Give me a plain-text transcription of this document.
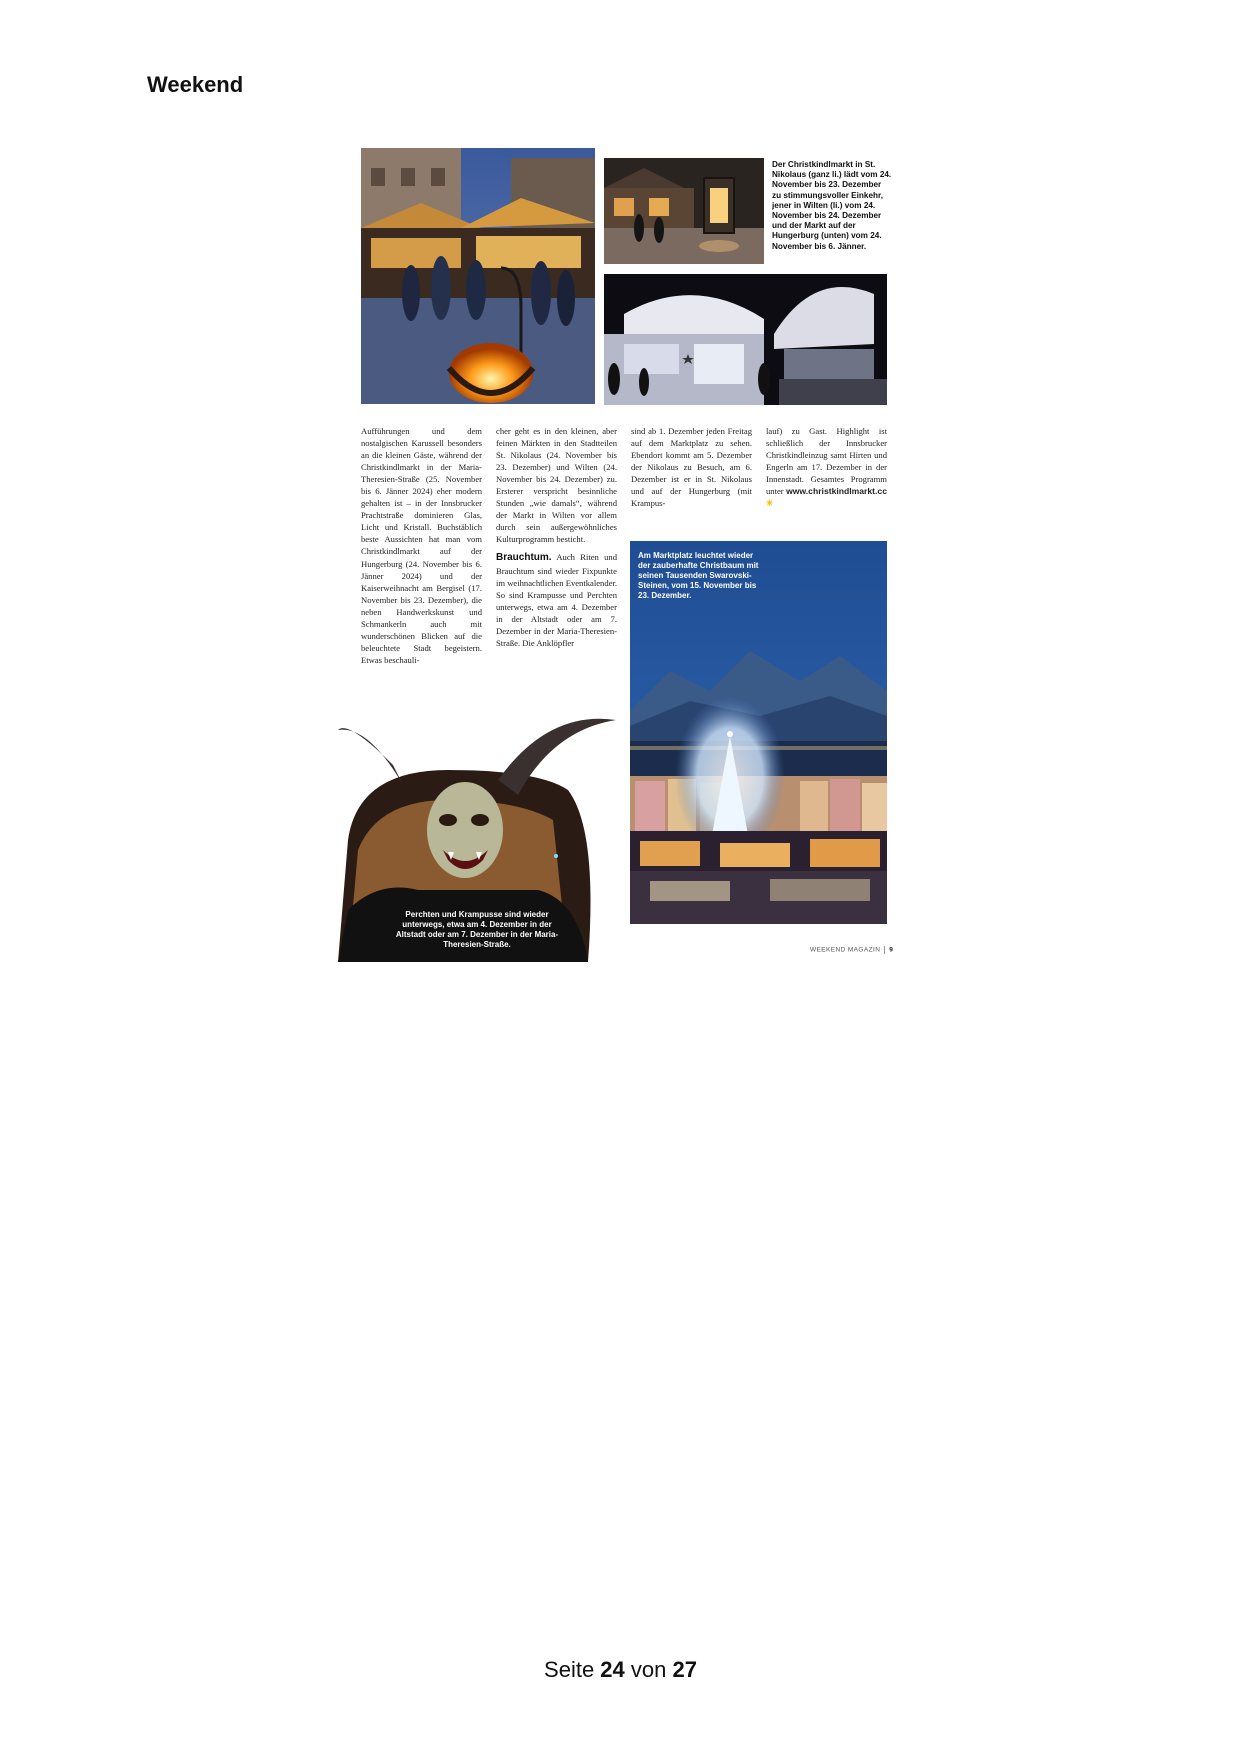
Weekend
Der Christkindlmarkt in St. Nikolaus (ganz li.) lädt vom 24. November bis 23. Dezember zu stimmungsvoller Einkehr, jener in Wilten (li.) vom 24. November bis 24. Dezember und der Markt auf der Hungerburg (unten) vom 24. November bis 6. Jänner.
Aufführungen und dem nostalgischen Karussell besonders an die kleinen Gäste, während der Christkindlmarkt in der Maria-Theresien-Straße (25. November bis 6. Jänner 2024) eher modern gehalten ist – in der Innsbrucker Prachtstraße dominieren Glas, Licht und Kristall. Buchstäblich beste Aussichten hat man vom Christkindlmarkt auf der Hungerburg (24. November bis 6. Jänner 2024) und der Kaiserweihnacht am Bergisel (17. November bis 23. Dezember), die neben Handwerkskunst und Schmankerln auch mit wunderschönen Blicken auf die beleuchtete Stadt begeistern. Etwas beschauli-
cher geht es in den kleinen, aber feinen Märkten in den Stadtteilen St. Nikolaus (24. November bis 23. Dezember) und Wilten (24. November bis 24. Dezember) zu. Ersterer verspricht besinnliche Stunden „wie damals“, während der Markt in Wilten vor allem durch sein außergewöhnliches Kulturprogramm besticht.
Brauchtum. Auch Riten und Brauchtum sind wieder Fixpunkte im weihnachtlichen Eventkalender. So sind Krampusse und Perchten unterwegs, etwa am 4. Dezember in der Altstadt oder am 7. Dezember in der Maria-Theresien-Straße. Die Anklöpfler
sind ab 1. Dezember jeden Freitag auf dem Marktplatz zu sehen. Ebendort kommt am 5. Dezember der Nikolaus zu Besuch, am 6. Dezember ist er in St. Nikolaus und auf der Hungerburg (mit Krampus-
lauf) zu Gast. Highlight ist schließlich der Innsbrucker Christkindleinzug samt Hirten und Engerln am 17. Dezember in der Innenstadt. Gesamtes Programm unter www.christkindlmarkt.cc ✳
Am Marktplatz leuchtet wieder der zauberhafte Christbaum mit seinen Tausenden Swarovski-Steinen, vom 15. November bis 23. Dezember.
Perchten und Krampusse sind wieder unterwegs, etwa am 4. Dezember in der Altstadt oder am 7. Dezember in der Maria-Theresien-Straße.
WEEKEND MAGAZIN 9
Seite 24 von 27
